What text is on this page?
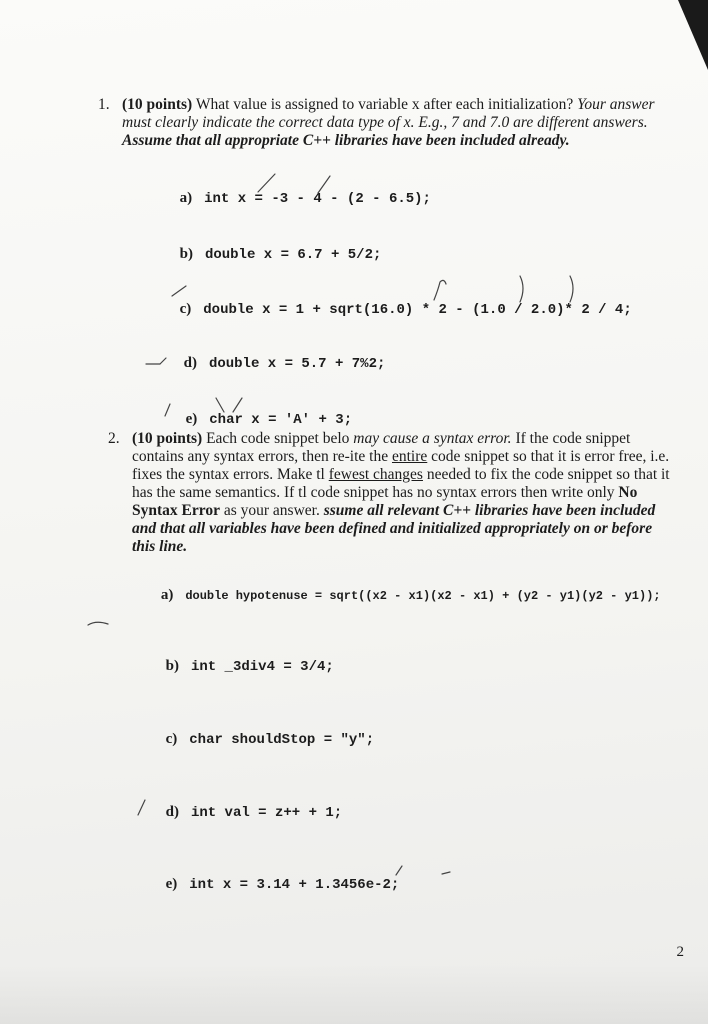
1. (10 points) What value is assigned to variable x after each initialization? Your answer must clearly indicate the correct data type of x. E.g., 7 and 7.0 are different answers. Assume that all appropriate C++ libraries have been included already.

a) int x = -3 - 4 - (2 - 6.5);

b) double x = 6.7 + 5/2;

c) double x = 1 + sqrt(16.0) * 2 - (1.0 / 2.0)* 2 / 4;

d) double x = 5.7 + 7%2;

e) char x = 'A' + 3;

2. (10 points) Each code snippet belo may cause a syntax error. If the code snippet contains any syntax errors, then re-ite the entire code snippet so that it is error free, i.e. fixes the syntax errors. Make tl fewest changes needed to fix the code snippet so that it has the same semantics. If tl code snippet has no syntax errors then write only No Syntax Error as your answer. ssume all relevant C++ libraries have been included and that all variables have been defined and initialized appropriately on or before this line.

a) double hypotenuse = sqrt((x2 - x1)(x2 - x1) + (y2 - y1)(y2 - y1));

b) int _3div4 = 3/4;

c) char shouldStop = "y";

d) int val = z++ + 1;

e) int x = 3.14 + 1.3456e-2;

2
